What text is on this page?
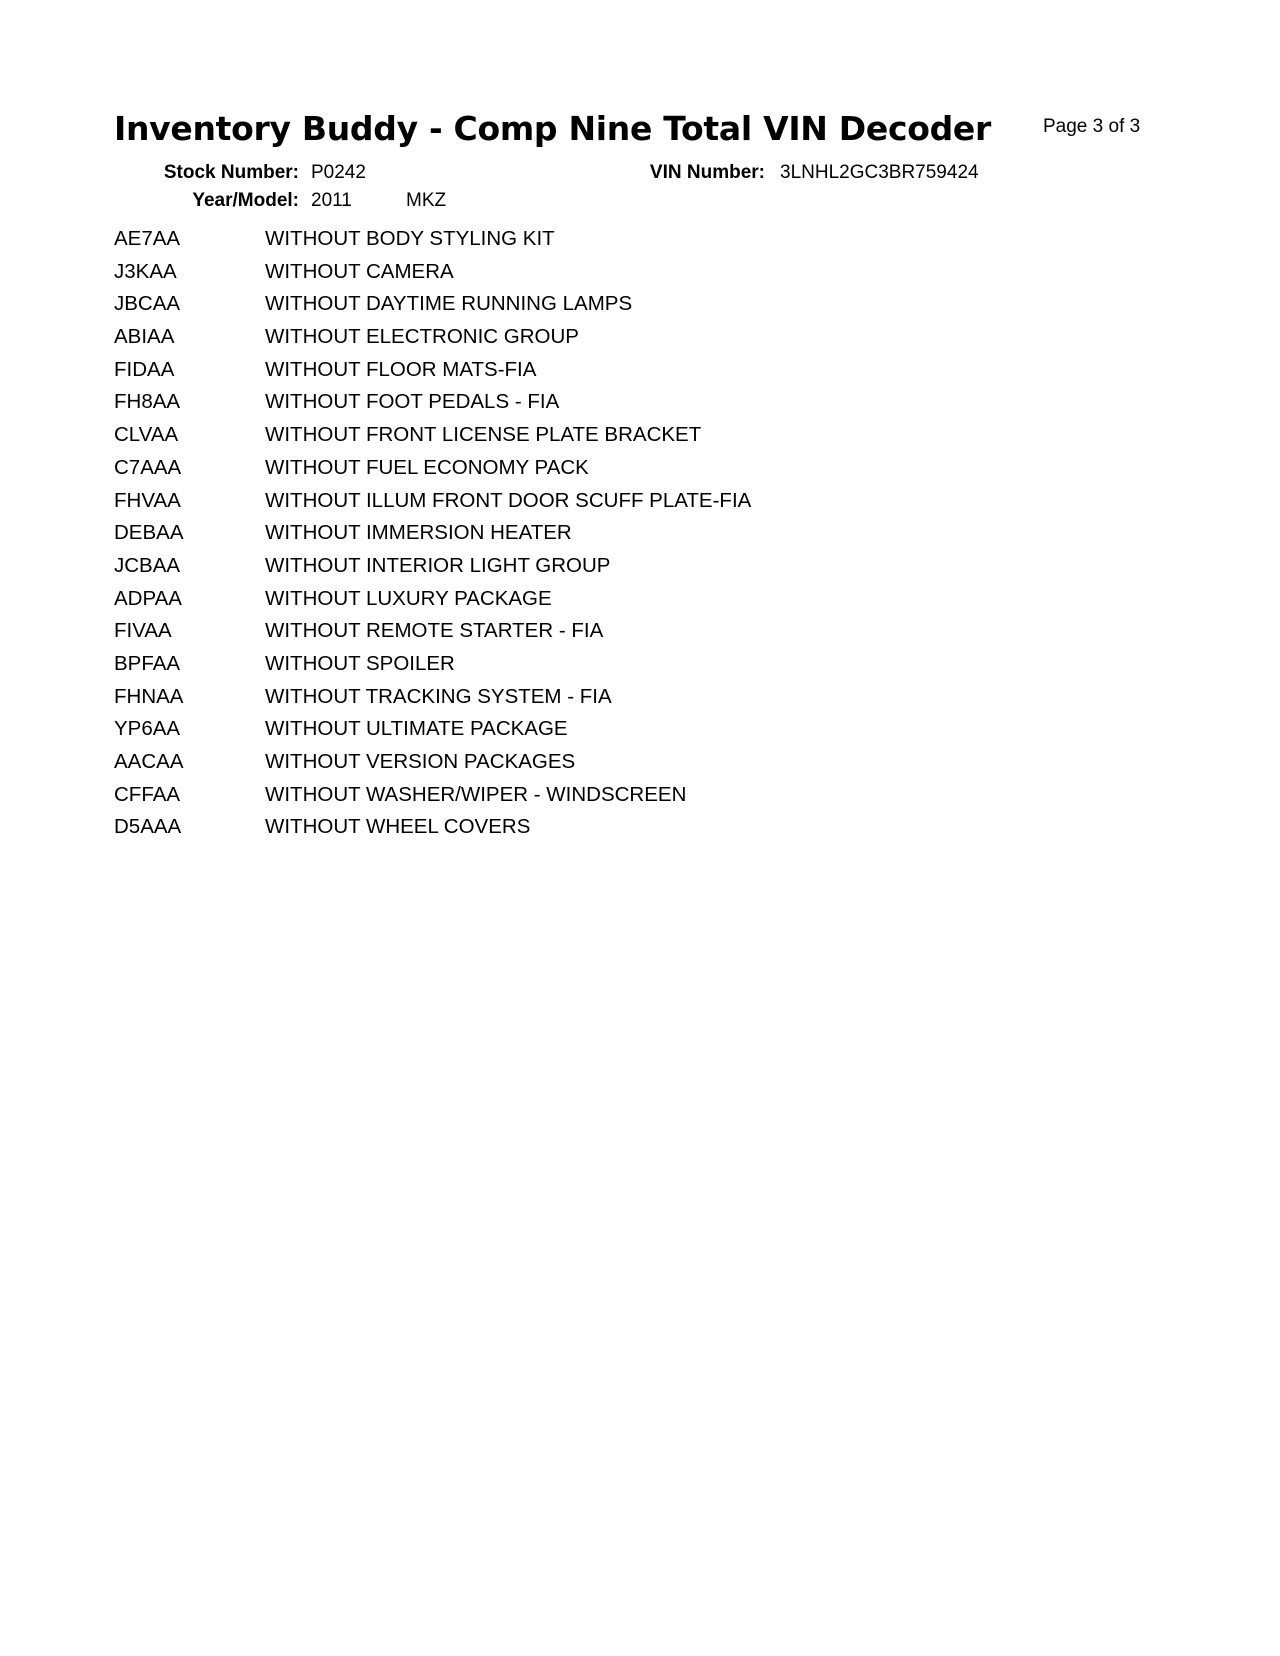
Inventory Buddy - Comp Nine Total VIN Decoder	Page 3 of 3
Stock Number: P0242	VIN Number: 3LNHL2GC3BR759424
Year/Model: 2011	MKZ
AE7AA	WITHOUT BODY STYLING KIT
J3KAA	WITHOUT CAMERA
JBCAA	WITHOUT DAYTIME RUNNING LAMPS
ABIAA	WITHOUT ELECTRONIC GROUP
FIDAA	WITHOUT FLOOR MATS-FIA
FH8AA	WITHOUT FOOT PEDALS - FIA
CLVAA	WITHOUT FRONT LICENSE PLATE BRACKET
C7AAA	WITHOUT FUEL ECONOMY PACK
FHVAA	WITHOUT ILLUM FRONT DOOR SCUFF PLATE-FIA
DEBAA	WITHOUT IMMERSION HEATER
JCBAA	WITHOUT INTERIOR LIGHT GROUP
ADPAA	WITHOUT LUXURY PACKAGE
FIVAA	WITHOUT REMOTE STARTER - FIA
BPFAA	WITHOUT SPOILER
FHNAA	WITHOUT TRACKING SYSTEM - FIA
YP6AA	WITHOUT ULTIMATE PACKAGE
AACAA	WITHOUT VERSION PACKAGES
CFFAA	WITHOUT WASHER/WIPER - WINDSCREEN
D5AAA	WITHOUT WHEEL COVERS
